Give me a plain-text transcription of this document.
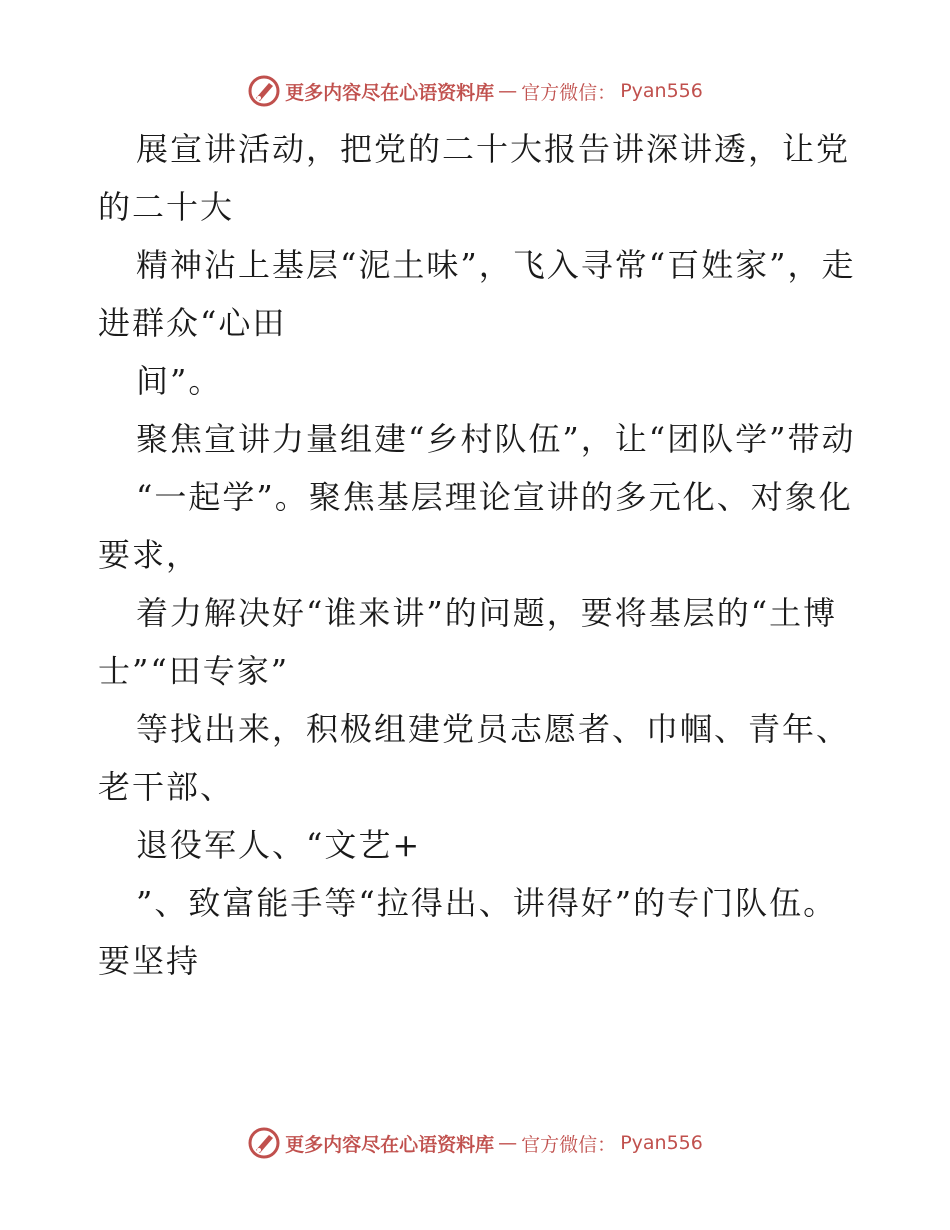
更多内容尽在心语资料库 — 官方微信： Pyan556

展宣讲活动，把党的二十大报告讲深讲透，让党的二十大

精神沾上基层“泥土味”，飞入寻常“百姓家”，走进群众“心田

间”。

聚焦宣讲力量组建“乡村队伍”，让“团队学”带动

“一起学”。聚焦基层理论宣讲的多元化、对象化要求，

着力解决好“谁来讲”的问题，要将基层的“土博士”“田专家”

等找出来，积极组建党员志愿者、巾帼、青年、老干部、

退役军人、“文艺+

”、致富能手等“拉得出、讲得好”的专门队伍。要坚持

更多内容尽在心语资料库 — 官方微信： Pyan556
